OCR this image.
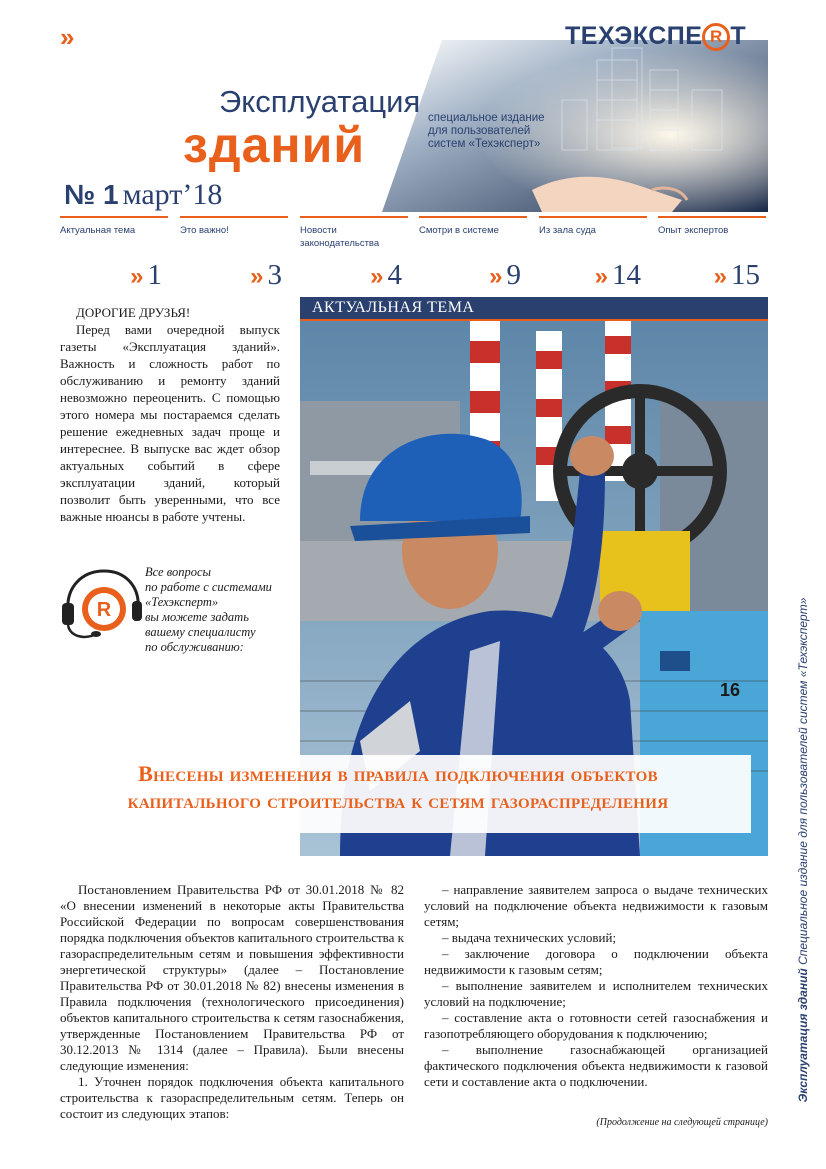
»	ТЕХЭКСПЕ R Т
Эксплуатация
зданий	специальное издание
для пользователей
систем «Техэксперт»
№ 1 март’18
Актуальная тема
» 1
Это важно!
» 3
Новости законодательства
» 4
Смотри в системе
» 9
Из зала суда
» 14
Опыт экспертов
» 15
ДОРОГИЕ ДРУЗЬЯ!

Перед вами очередной выпуск газеты «Эксплуатация зданий». Важность и сложность работ по обслуживанию и ремонту зданий невозможно переоценить. С помощью этого номера мы постараемся сделать решение ежедневных задач проще и интереснее. В выпуске вас ждет обзор актуальных событий в сфере эксплуатации зданий, который позволит быть уверенными, что все важные нюансы в работе учтены.

R
Все вопросы
по работе с системами
«Техэксперт»
вы можете задать
вашему специалисту
по обслуживанию:
АКТУАЛЬНАЯ ТЕМА
16
Внесены изменения в правила подключения объектов
капитального строительства к сетям газораспределения
Эксплуатация зданий Специальное издание для пользователей систем «Техэксперт»

Постановлением Правительства РФ от 30.01.2018 № 82 «О внесении изменений в некоторые акты Правительства Российской Федерации по вопросам совершенствования порядка подключения объектов капитального строительства к газораспределительным сетям и повышения эффективности энергетической структуры» (далее – Постановление Правительства РФ от 30.01.2018 № 82) внесены изменения в Правила подключения (технологического присоединения) объектов капитального строительства к сетям газоснабжения, утвержденные Постановлением Правительства РФ от 30.12.2013 № 1314 (далее – Правила). Были внесены следующие изменения:

1. Уточнен порядок подключения объекта капитального строительства к газораспределительным сетям. Теперь он состоит из следующих этапов:

– направление заявителем запроса о выдаче технических условий на подключение объекта недвижимости к газовым сетям;

– выдача технических условий;

– заключение договора о подключении объекта недвижимости к газовым сетям;

– выполнение заявителем и исполнителем технических условий на подключение;

– составление акта о готовности сетей газоснабжения и газопотребляющего оборудования к подключению;

– выполнение газоснабжающей организацией фактического подключения объекта недвижимости к газовой сети и составление акта о подключении.

(Продолжение на следующей странице)
